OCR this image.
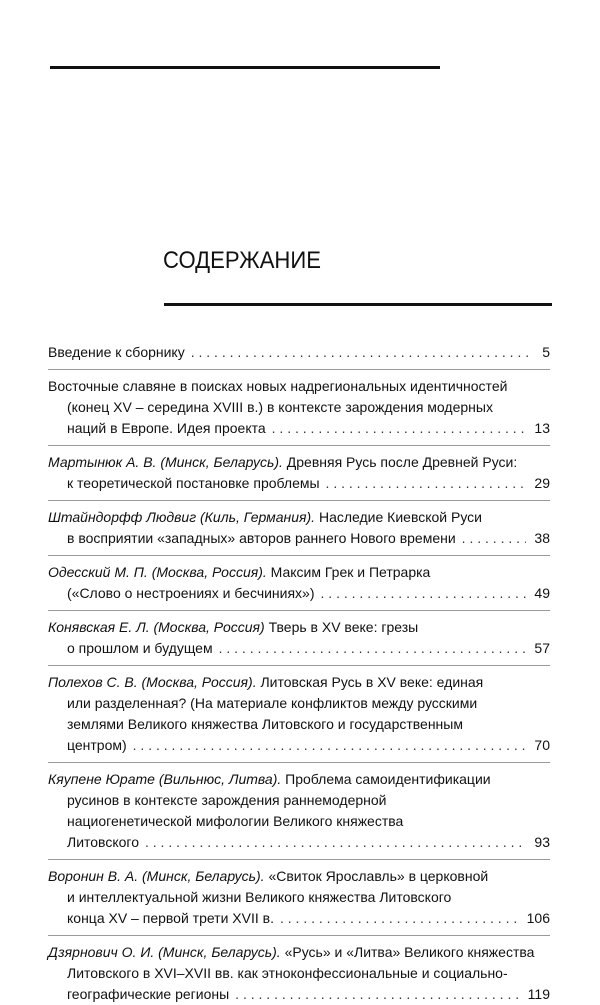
СОДЕРЖАНИЕ
Введение к сборнику . . .	5
Восточные славяне в поисках новых надрегиональных идентичностей
(конец XV – середина XVIII в.) в контексте зарождения модерных
наций в Европе. Идея проекта . . .	13
Мартынюк А. В. (Минск, Беларусь).
Древняя Русь после Древней Руси:
к теоретической постановке проблемы . . .	29
Штайндорфф Людвиг (Киль, Германия).
Наследие Киевской Руси
в восприятии «западных» авторов раннего Нового времени . . .	38
Одесский М. П. (Москва, Россия).
Максим Грек и Петрарка
(«Слово о нестроениях и бесчиниях») . . .	49
Конявская Е. Л. (Москва, Россия)
Тверь в XV веке: грезы
о прошлом и будущем . . .	57
Полехов С. В. (Москва, Россия).
Литовская Русь в XV веке: единая
или разделенная? (На материале конфликтов между русскими
землями Великого княжества Литовского и государственным
центром) . . .	70
Кяупене Юрате (Вильнюс, Литва).
Проблема самоидентификации
русинов в контексте зарождения раннемодерной
нациогенетической мифологии Великого княжества
Литовского . . .	93
Воронин В. А. (Минск, Беларусь).
«Свиток Ярославль» в церковной
и интеллектуальной жизни Великого княжества Литовского
конца XV – первой трети XVII в. . . .	106
Дзярнович О. И. (Минск, Беларусь).
«Русь» и «Литва» Великого княжества
Литовского в XVI–XVII вв. как этноконфессиональные и социально-
географические регионы . . .	119
